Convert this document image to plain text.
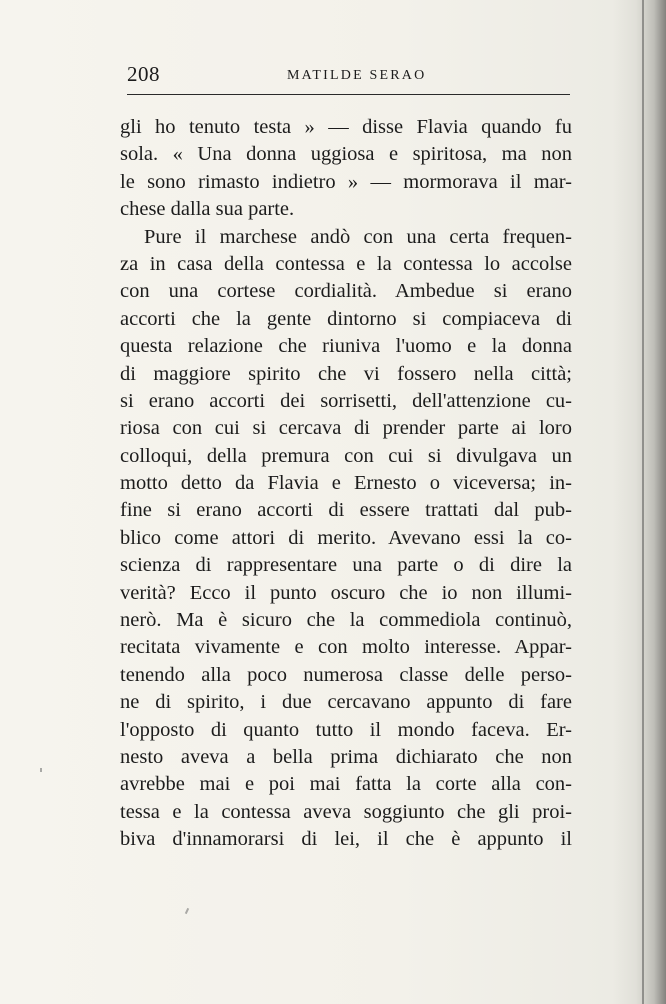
208	MATILDE SERAO
gli ho tenuto testa » — disse Flavia quando fu
sola. « Una donna uggiosa e spiritosa, ma non
le sono rimasto indietro » — mormorava il mar-
chese dalla sua parte.
Pure il marchese andò con una certa frequen-
za in casa della contessa e la contessa lo accolse
con una cortese cordialità. Ambedue si erano
accorti che la gente dintorno si compiaceva di
questa relazione che riuniva l'uomo e la donna
di maggiore spirito che vi fossero nella città;
si erano accorti dei sorrisetti, dell'attenzione cu-
riosa con cui si cercava di prender parte ai loro
colloqui, della premura con cui si divulgava un
motto detto da Flavia e Ernesto o viceversa; in-
fine si erano accorti di essere trattati dal pub-
blico come attori di merito. Avevano essi la co-
scienza di rappresentare una parte o di dire la
verità? Ecco il punto oscuro che io non illumi-
nerò. Ma è sicuro che la commediola continuò,
recitata vivamente e con molto interesse. Appar-
tenendo alla poco numerosa classe delle perso-
ne di spirito, i due cercavano appunto di fare
l'opposto di quanto tutto il mondo faceva. Er-
nesto aveva a bella prima dichiarato che non
avrebbe mai e poi mai fatta la corte alla con-
tessa e la contessa aveva soggiunto che gli proi-
biva d'innamorarsi di lei, il che è appunto il
